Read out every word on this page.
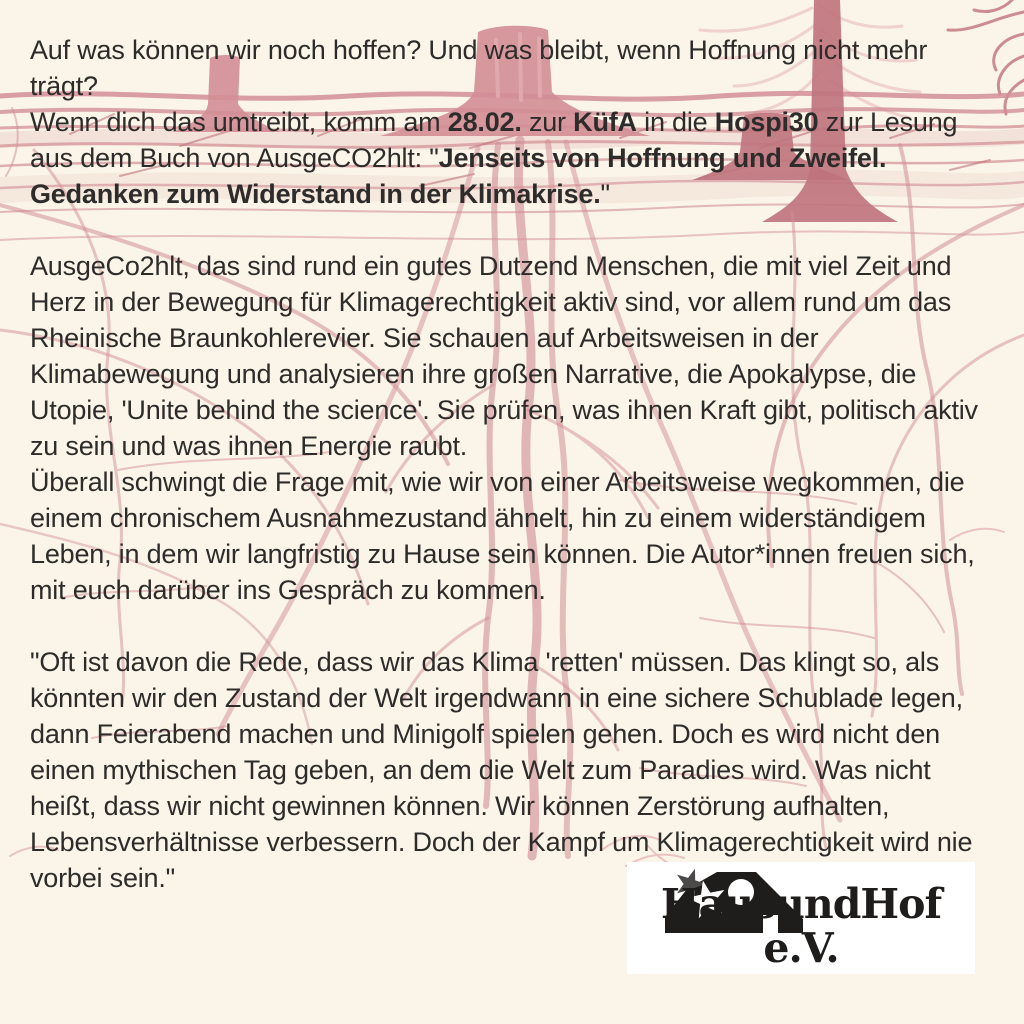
Auf was können wir noch hoffen? Und was bleibt, wenn Hoffnung nicht mehr trägt?
Wenn dich das umtreibt, komm am 28.02. zur KüfA in die Hospi30 zur Lesung aus dem Buch von AusgeCO2hlt: "Jenseits von Hoffnung und Zweifel. Gedanken zum Widerstand in der Klimakrise."

AusgeCo2hlt, das sind rund ein gutes Dutzend Menschen, die mit viel Zeit und Herz in der Bewegung für Klimagerechtigkeit aktiv sind, vor allem rund um das Rheinische Braunkohlerevier. Sie schauen auf Arbeitsweisen in der Klimabewegung und analysieren ihre großen Narrative, die Apokalypse, die Utopie, 'Unite behind the science'. Sie prüfen, was ihnen Kraft gibt, politisch aktiv zu sein und was ihnen Energie raubt.
Überall schwingt die Frage mit, wie wir von einer Arbeitsweise wegkommen, die einem chronischem Ausnahmezustand ähnelt, hin zu einem widerständigem Leben, in dem wir langfristig zu Hause sein können. Die Autor*innen freuen sich, mit euch darüber ins Gespräch zu kommen.

"Oft ist davon die Rede, dass wir das Klima 'retten' müssen. Das klingt so, als könnten wir den Zustand der Welt irgendwann in eine sichere Schublade legen, dann Feierabend machen und Minigolf spielen gehen. Doch es wird nicht den einen mythischen Tag geben, an dem die Welt zum Paradies wird. Was nicht heißt, dass wir nicht gewinnen können. Wir können Zerstörung aufhalten, Lebensverhältnisse verbessern. Doch der Kampf um Klimagerechtigkeit wird nie vorbei sein."

HausundHof e.V.
